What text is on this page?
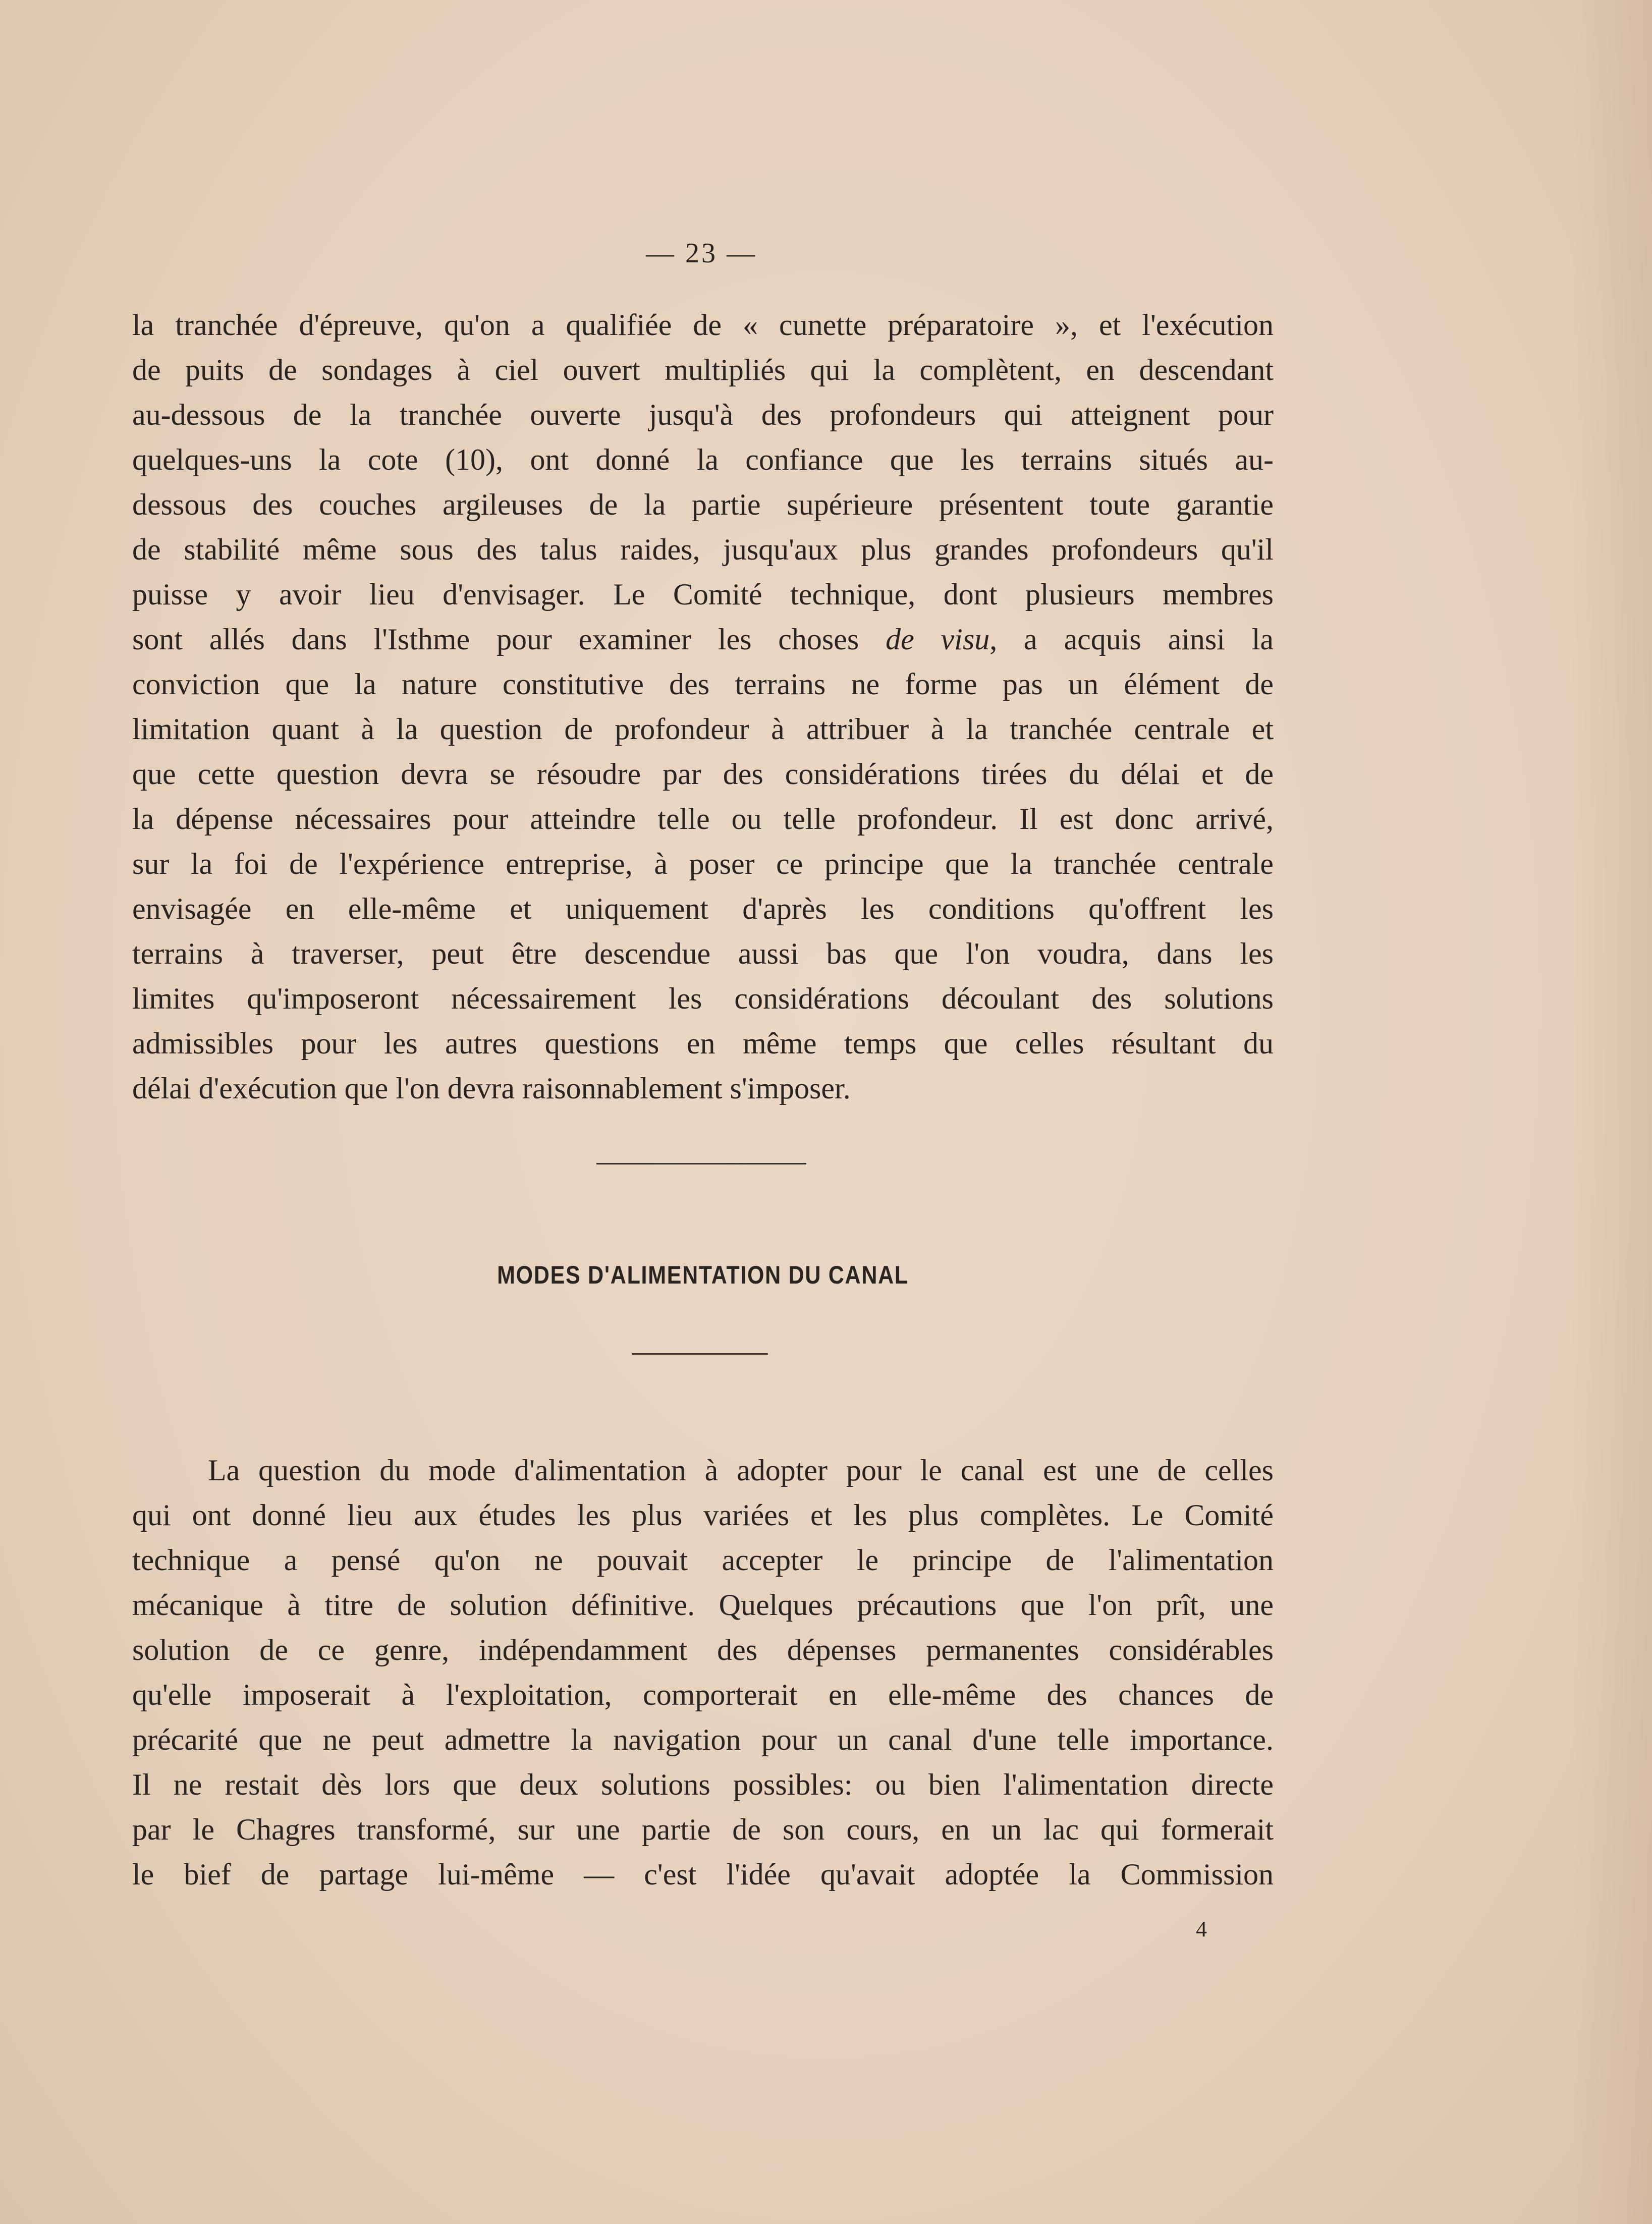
— 23 —
la tranchée d'épreuve, qu'on a qualifiée de « cunette préparatoire », et l'exécution
de puits de sondages à ciel ouvert multipliés qui la complètent, en descendant
au-dessous de la tranchée ouverte jusqu'à des profondeurs qui atteignent pour
quelques-uns la cote (10), ont donné la confiance que les terrains situés au-
dessous des couches argileuses de la partie supérieure présentent toute garantie
de stabilité même sous des talus raides, jusqu'aux plus grandes profondeurs qu'il
puisse y avoir lieu d'envisager. Le Comité technique, dont plusieurs membres
sont allés dans l'Isthme pour examiner les choses de visu, a acquis ainsi la
conviction que la nature constitutive des terrains ne forme pas un élément de
limitation quant à la question de profondeur à attribuer à la tranchée centrale et
que cette question devra se résoudre par des considérations tirées du délai et de
la dépense nécessaires pour atteindre telle ou telle profondeur. Il est donc arrivé,
sur la foi de l'expérience entreprise, à poser ce principe que la tranchée centrale
envisagée en elle-même et uniquement d'après les conditions qu'offrent les
terrains à traverser, peut être descendue aussi bas que l'on voudra, dans les
limites qu'imposeront nécessairement les considérations découlant des solutions
admissibles pour les autres questions en même temps que celles résultant du
délai d'exécution que l'on devra raisonnablement s'imposer.
MODES D'ALIMENTATION DU CANAL
La question du mode d'alimentation à adopter pour le canal est une de celles
qui ont donné lieu aux études les plus variées et les plus complètes. Le Comité
technique a pensé qu'on ne pouvait accepter le principe de l'alimentation
mécanique à titre de solution définitive. Quelques précautions que l'on prît, une
solution de ce genre, indépendamment des dépenses permanentes considérables
qu'elle imposerait à l'exploitation, comporterait en elle-même des chances de
précarité que ne peut admettre la navigation pour un canal d'une telle importance.
Il ne restait dès lors que deux solutions possibles: ou bien l'alimentation directe
par le Chagres transformé, sur une partie de son cours, en un lac qui formerait
le bief de partage lui-même — c'est l'idée qu'avait adoptée la Commission
4
